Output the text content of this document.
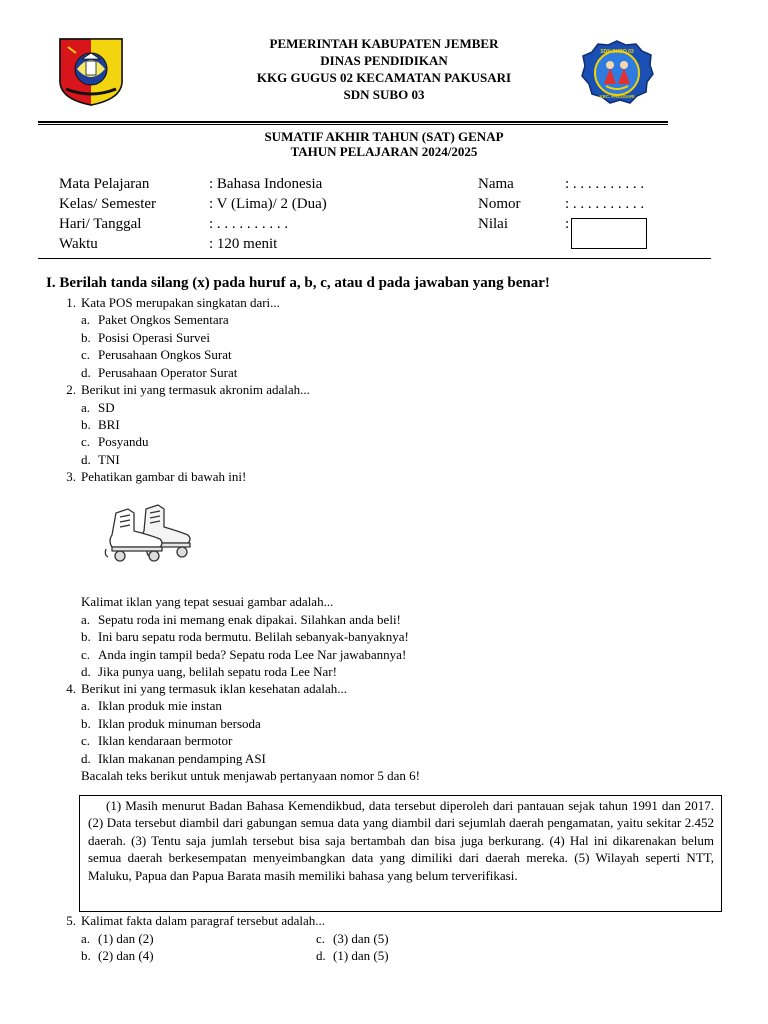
SDN SUBO 03
KEC. PAKUSARI
PEMERINTAH KABUPATEN JEMBER
DINAS PENDIDIKAN
KKG GUGUS 02 KECAMATAN PAKUSARI
SDN SUBO 03
SUMATIF AKHIR TAHUN (SAT) GENAP
TAHUN PELAJARAN 2024/2025
Mata Pelajaran	: Bahasa Indonesia
Kelas/ Semester	: V (Lima)/ 2 (Dua)
Hari/ Tanggal	: . . . . . . . . . .
Waktu	: 120 menit
Nama	: . . . . . . . . . .
Nomor	: . . . . . . . . . .
Nilai	:
I. Berilah tanda silang (x) pada huruf a, b, c, atau d pada jawaban yang benar!
1. Kata POS merupakan singkatan dari...
a. Paket Ongkos Sementara
b. Posisi Operasi Survei
c. Perusahaan Ongkos Surat
d. Perusahaan Operator Surat
2. Berikut ini yang termasuk akronim adalah...
a. SD
b. BRI
c. Posyandu
d. TNI
3. Pehatikan gambar di bawah ini!
Kalimat iklan yang tepat sesuai gambar adalah...
a. Sepatu roda ini memang enak dipakai. Silahkan anda beli!
b. Ini baru sepatu roda bermutu. Belilah sebanyak-banyaknya!
c. Anda ingin tampil beda? Sepatu roda Lee Nar jawabannya!
d. Jika punya uang, belilah sepatu roda Lee Nar!
4. Berikut ini yang termasuk iklan kesehatan adalah...
a. Iklan produk mie instan
b. Iklan produk minuman bersoda
c. Iklan kendaraan bermotor
d. Iklan makanan pendamping ASI
Bacalah teks berikut untuk menjawab pertanyaan nomor 5 dan 6!

(1) Masih menurut Badan Bahasa Kemendikbud, data tersebut diperoleh dari pantauan sejak tahun 1991 dan 2017. (2) Data tersebut diambil dari gabungan semua data yang diambil dari sejumlah daerah pengamatan, yaitu sekitar 2.452 daerah. (3) Tentu saja jumlah tersebut bisa saja bertambah dan bisa juga berkurang. (4) Hal ini dikarenakan belum semua daerah berkesempatan menyeimbangkan data yang dimiliki dari daerah mereka. (5) Wilayah seperti NTT, Maluku, Papua dan Papua Barata masih memiliki bahasa yang belum terverifikasi.

5. Kalimat fakta dalam paragraf tersebut adalah...
a. (1) dan (2)
b. (2) dan (4)
c. (3) dan (5)
d. (1) dan (5)
